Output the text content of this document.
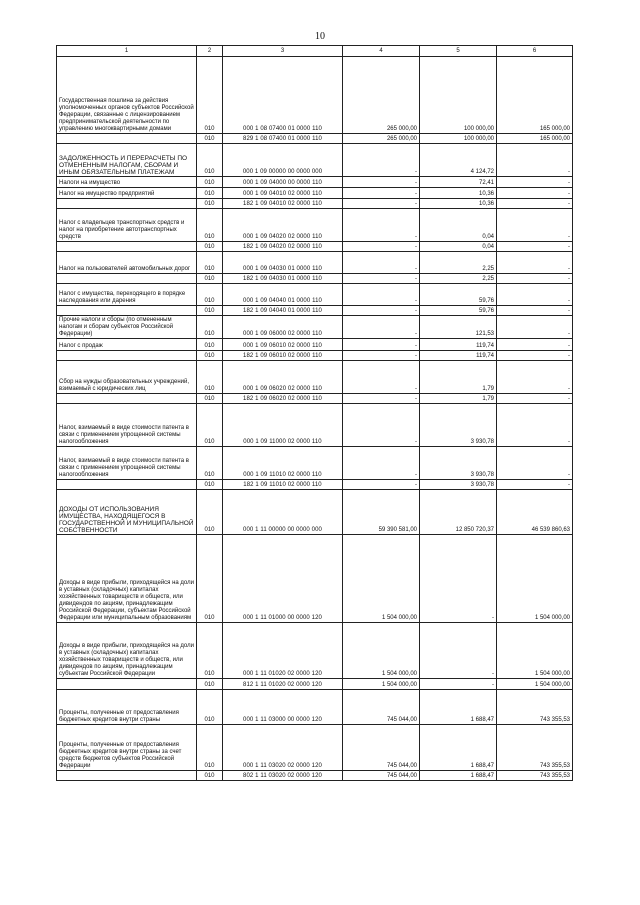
10
1	2	3	4	5	6
Государственная пошлина за действия уполномоченных органов субъектов Российской Федерации, связанные с лицензированием предпринимательской деятельности по управлению многоквартирными домами	010	000 1 08 07400 01 0000 110	265 000,00	100 000,00	165 000,00
	010	829 1 08 07400 01 0000 110	265 000,00	100 000,00	165 000,00
ЗАДОЛЖЕННОСТЬ И ПЕРЕРАСЧЕТЫ ПО ОТМЕНЕННЫМ НАЛОГАМ, СБОРАМ И ИНЫМ ОБЯЗАТЕЛЬНЫМ ПЛАТЕЖАМ	010	000 1 09 00000 00 0000 000	-	4 124,72	-
Налоги на имущество	010	000 1 09 04000 00 0000 110	-	72,41	-
Налог на имущество предприятий	010	000 1 09 04010 02 0000 110	-	10,36	-
	010	182 1 09 04010 02 0000 110	-	10,36	-
Налог с владельцев транспортных средств и налог на приобретение автотранспортных средств	010	000 1 09 04020 02 0000 110	-	0,04	-
	010	182 1 09 04020 02 0000 110	-	0,04	-
Налог на пользователей автомобильных дорог	010	000 1 09 04030 01 0000 110	-	2,25	-
	010	182 1 09 04030 01 0000 110	-	2,25	-
Налог с имущества, переходящего в порядке наследования или дарения	010	000 1 09 04040 01 0000 110	-	59,76	-
	010	182 1 09 04040 01 0000 110	-	59,76	-
Прочие налоги и сборы (по отмененным налогам и сборам субъектов Российской Федерации)	010	000 1 09 06000 02 0000 110	-	121,53	-
Налог с продаж	010	000 1 09 06010 02 0000 110	-	119,74	-
	010	182 1 09 06010 02 0000 110	-	119,74	-
Сбор на нужды образовательных учреждений, взимаемый с юридических лиц	010	000 1 09 06020 02 0000 110	-	1,79	-
	010	182 1 09 06020 02 0000 110	-	1,79	-
Налог, взимаемый в виде стоимости патента в связи с применением упрощенной системы налогообложения	010	000 1 09 11000 02 0000 110	-	3 930,78	-
Налог, взимаемый в виде стоимости патента в связи с применением упрощенной системы налогообложения	010	000 1 09 11010 02 0000 110	-	3 930,78	-
	010	182 1 09 11010 02 0000 110	-	3 930,78	-
ДОХОДЫ ОТ ИСПОЛЬЗОВАНИЯ ИМУЩЕСТВА, НАХОДЯЩЕГОСЯ В ГОСУДАРСТВЕННОЙ И МУНИЦИПАЛЬНОЙ СОБСТВЕННОСТИ	010	000 1 11 00000 00 0000 000	59 390 581,00	12 850 720,37	46 539 860,63
Доходы в виде прибыли, приходящейся на доли в уставных (складочных) капиталах хозяйственных товариществ и обществ, или дивидендов по акциям, принадлежащим Российской Федерации, субъектам Российской Федерации или муниципальным образованиям	010	000 1 11 01000 00 0000 120	1 504 000,00	-	1 504 000,00
Доходы в виде прибыли, приходящейся на доли в уставных (складочных) капиталах хозяйственных товариществ и обществ, или дивидендов по акциям, принадлежащим субъектам Российской Федерации	010	000 1 11 01020 02 0000 120	1 504 000,00	-	1 504 000,00
	010	812 1 11 01020 02 0000 120	1 504 000,00	-	1 504 000,00
Проценты, полученные от предоставления бюджетных кредитов внутри страны	010	000 1 11 03000 00 0000 120	745 044,00	1 688,47	743 355,53
Проценты, полученные от предоставления бюджетных кредитов внутри страны за счет средств бюджетов субъектов Российской Федерации	010	000 1 11 03020 02 0000 120	745 044,00	1 688,47	743 355,53
	010	802 1 11 03020 02 0000 120	745 044,00	1 688,47	743 355,53
